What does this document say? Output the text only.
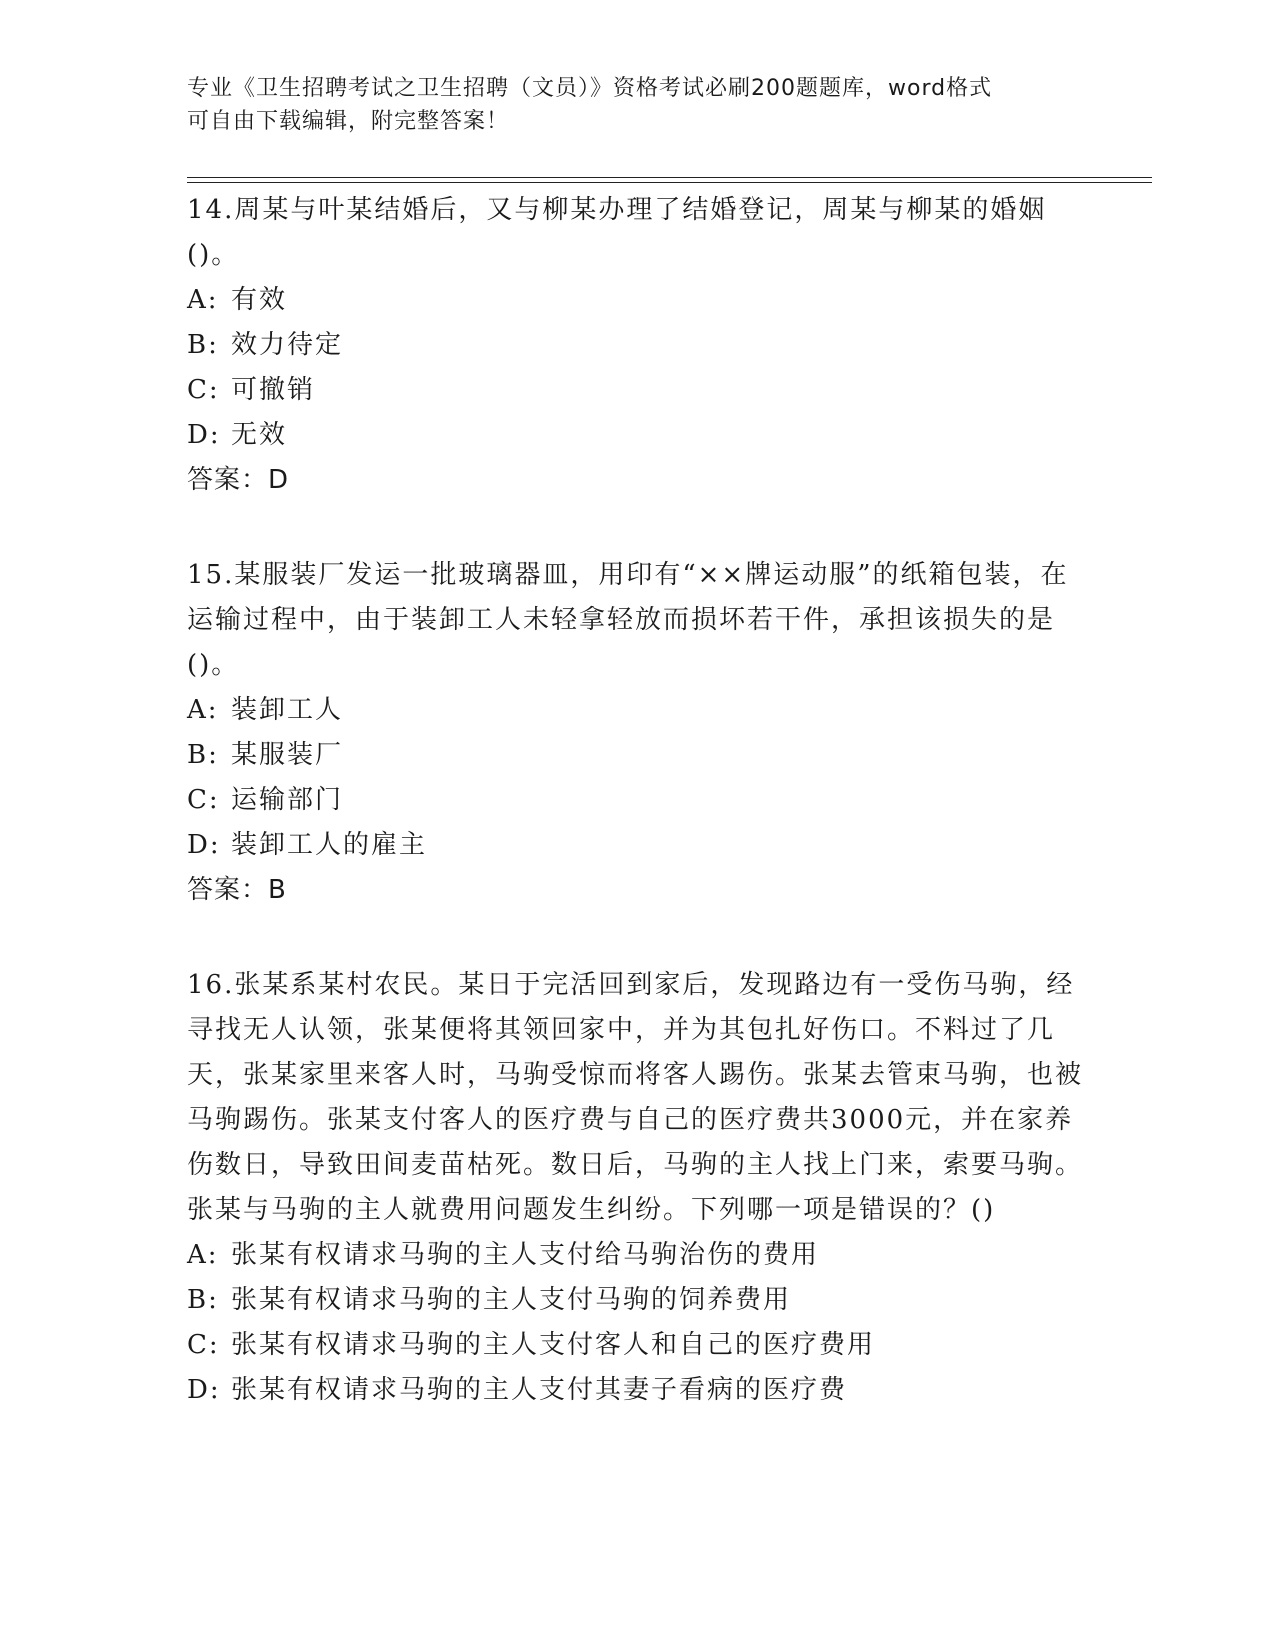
专业《卫生招聘考试之卫生招聘（文员）》资格考试必刷200题题库，word格式
可自由下载编辑，附完整答案！
14.周某与叶某结婚后，又与柳某办理了结婚登记，周某与柳某的婚姻()。
A: 有效
B: 效力待定
C: 可撤销
D: 无效
答案：D
15.某服装厂发运一批玻璃器皿，用印有“××牌运动服”的纸箱包装，在运输过程中，由于装卸工人未轻拿轻放而损坏若干件，承担该损失的是()。
A: 装卸工人
B: 某服装厂
C: 运输部门
D: 装卸工人的雇主
答案：B
16.张某系某村农民。某日于完活回到家后，发现路边有一受伤马驹，经寻找无人认领，张某便将其领回家中，并为其包扎好伤口。不料过了几天，张某家里来客人时，马驹受惊而将客人踢伤。张某去管束马驹，也被马驹踢伤。张某支付客人的医疗费与自己的医疗费共3000元，并在家养伤数日，导致田间麦苗枯死。数日后，马驹的主人找上门来，索要马驹。张某与马驹的主人就费用问题发生纠纷。下列哪一项是错误的？()
A: 张某有权请求马驹的主人支付给马驹治伤的费用
B: 张某有权请求马驹的主人支付马驹的饲养费用
C: 张某有权请求马驹的主人支付客人和自己的医疗费用
D: 张某有权请求马驹的主人支付其妻子看病的医疗费
